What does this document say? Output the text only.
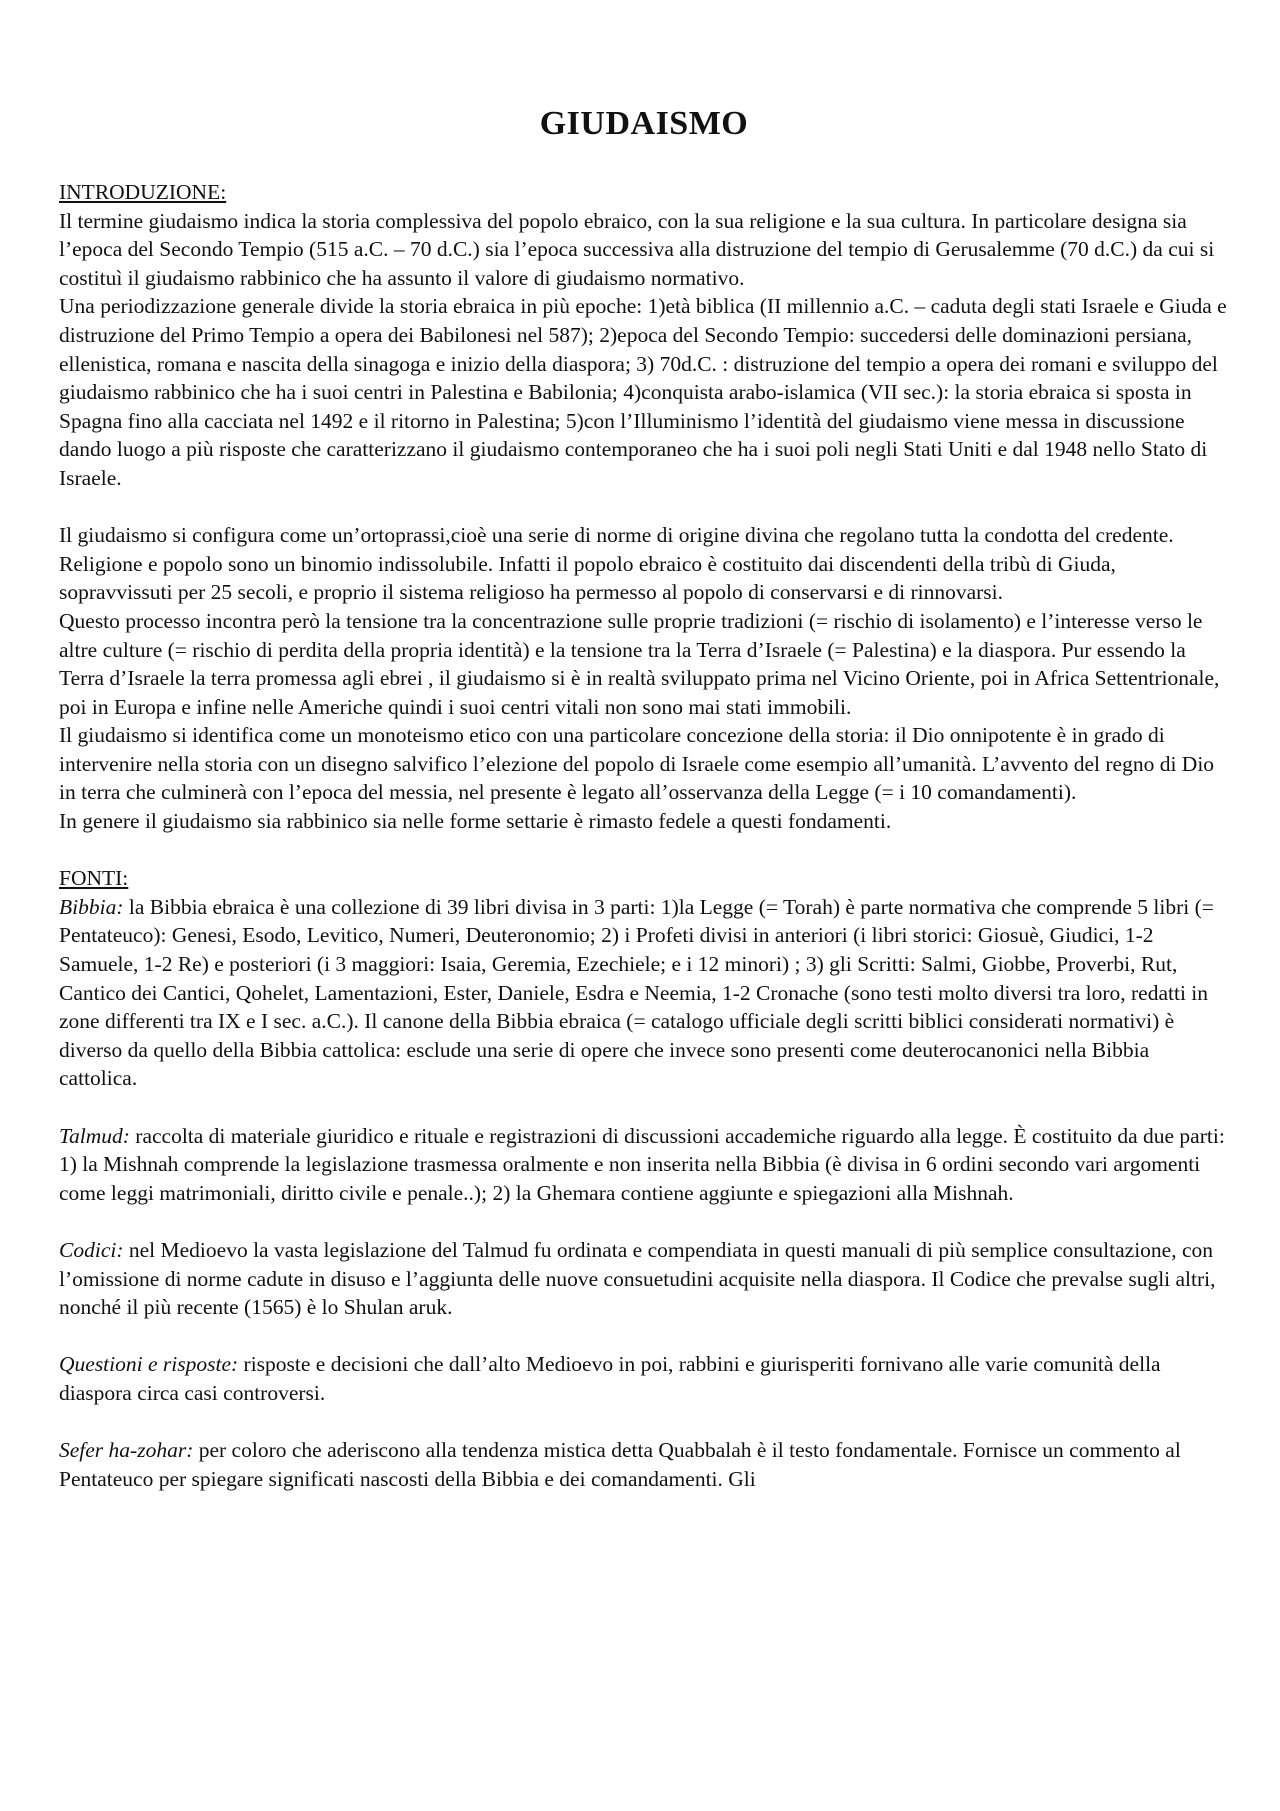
GIUDAISMO

INTRODUZIONE:

Il termine giudaismo indica la storia complessiva del popolo ebraico, con la sua religione e la sua cultura. In particolare designa sia l’epoca del Secondo Tempio (515 a.C. – 70 d.C.) sia l’epoca successiva alla distruzione del tempio di Gerusalemme (70 d.C.) da cui si costituì il giudaismo rabbinico che ha assunto il valore di giudaismo normativo.

Una periodizzazione generale divide la storia ebraica in più epoche: 1)età biblica (II millennio a.C. – caduta degli stati Israele e Giuda e distruzione del Primo Tempio a opera dei Babilonesi nel 587); 2)epoca del Secondo Tempio: succedersi delle dominazioni persiana, ellenistica, romana e nascita della sinagoga e inizio della diaspora; 3) 70d.C. : distruzione del tempio a opera dei romani e sviluppo del giudaismo rabbinico che ha i suoi centri in Palestina e Babilonia; 4)conquista arabo-islamica (VII sec.): la storia ebraica si sposta in Spagna fino alla cacciata nel 1492 e il ritorno in Palestina; 5)con l’Illuminismo l’identità del giudaismo viene messa in discussione dando luogo a più risposte che caratterizzano il giudaismo contemporaneo che ha i suoi poli negli Stati Uniti e dal 1948 nello Stato di Israele.

Il giudaismo si configura come un’ortoprassi,cioè una serie di norme di origine divina che regolano tutta la condotta del credente. Religione e popolo sono un binomio indissolubile. Infatti il popolo ebraico è costituito dai discendenti della tribù di Giuda, sopravvissuti per 25 secoli, e proprio il sistema religioso ha permesso al popolo di conservarsi e di rinnovarsi.

Questo processo incontra però la tensione tra la concentrazione sulle proprie tradizioni (= rischio di isolamento) e l’interesse verso le altre culture (= rischio di perdita della propria identità) e la tensione tra la Terra d’Israele (= Palestina) e la diaspora. Pur essendo la Terra d’Israele la terra promessa agli ebrei , il giudaismo si è in realtà sviluppato prima nel Vicino Oriente, poi in Africa Settentrionale, poi in Europa e infine nelle Americhe quindi i suoi centri vitali non sono mai stati immobili.

Il giudaismo si identifica come un monoteismo etico con una particolare concezione della storia: il Dio onnipotente è in grado di intervenire nella storia con un disegno salvifico l’elezione del popolo di Israele come esempio all’umanità. L’avvento del regno di Dio in terra che culminerà con l’epoca del messia, nel presente è legato all’osservanza della Legge (= i 10 comandamenti).

In genere il giudaismo sia rabbinico sia nelle forme settarie è rimasto fedele a questi fondamenti.

FONTI:

Bibbia: la Bibbia ebraica è una collezione di 39 libri divisa in 3 parti: 1)la Legge (= Torah) è parte normativa che comprende 5 libri (= Pentateuco): Genesi, Esodo, Levitico, Numeri, Deuteronomio; 2) i Profeti divisi in anteriori (i libri storici: Giosuè, Giudici, 1-2 Samuele, 1-2 Re) e posteriori (i 3 maggiori: Isaia, Geremia, Ezechiele; e i 12 minori) ; 3) gli Scritti: Salmi, Giobbe, Proverbi, Rut, Cantico dei Cantici, Qohelet, Lamentazioni, Ester, Daniele, Esdra e Neemia, 1-2 Cronache (sono testi molto diversi tra loro, redatti in zone differenti tra IX e I sec. a.C.). Il canone della Bibbia ebraica (= catalogo ufficiale degli scritti biblici considerati normativi) è diverso da quello della Bibbia cattolica: esclude una serie di opere che invece sono presenti come deuterocanonici nella Bibbia cattolica.

Talmud: raccolta di materiale giuridico e rituale e registrazioni di discussioni accademiche riguardo alla legge. È costituito da due parti: 1) la Mishnah comprende la legislazione trasmessa oralmente e non inserita nella Bibbia (è divisa in 6 ordini secondo vari argomenti come leggi matrimoniali, diritto civile e penale..); 2) la Ghemara contiene aggiunte e spiegazioni alla Mishnah.

Codici: nel Medioevo la vasta legislazione del Talmud fu ordinata e compendiata in questi manuali di più semplice consultazione, con l’omissione di norme cadute in disuso e l’aggiunta delle nuove consuetudini acquisite nella diaspora. Il Codice che prevalse sugli altri, nonché il più recente (1565) è lo Shulan aruk.

Questioni e risposte: risposte e decisioni che dall’alto Medioevo in poi, rabbini e giurisperiti fornivano alle varie comunità della diaspora circa casi controversi.

Sefer ha-zohar: per coloro che aderiscono alla tendenza mistica detta Quabbalah è il testo fondamentale. Fornisce un commento al Pentateuco per spiegare significati nascosti della Bibbia e dei comandamenti. Gli
